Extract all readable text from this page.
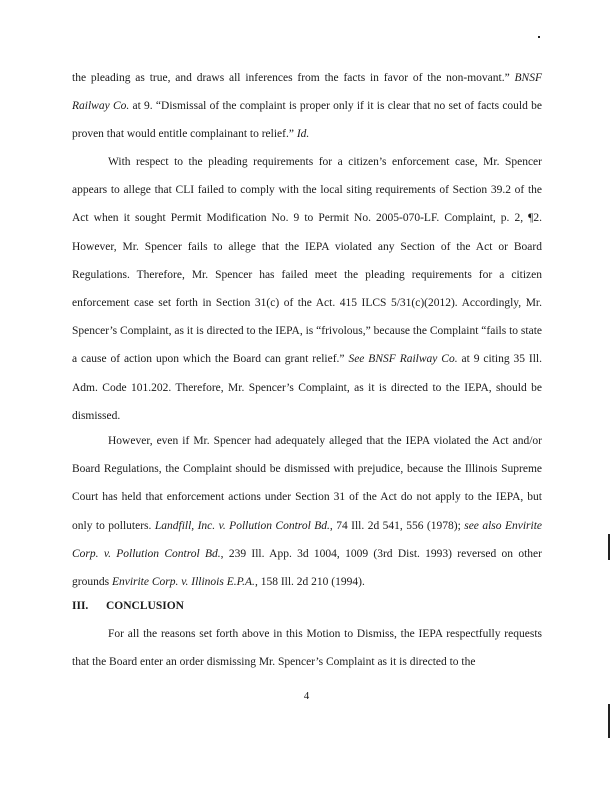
the pleading as true, and draws all inferences from the facts in favor of the non-movant.” BNSF Railway Co. at 9. “Dismissal of the complaint is proper only if it is clear that no set of facts could be proven that would entitle complainant to relief.” Id.

With respect to the pleading requirements for a citizen’s enforcement case, Mr. Spencer appears to allege that CLI failed to comply with the local siting requirements of Section 39.2 of the Act when it sought Permit Modification No. 9 to Permit No. 2005-070-LF. Complaint, p. 2, ¶2. However, Mr. Spencer fails to allege that the IEPA violated any Section of the Act or Board Regulations. Therefore, Mr. Spencer has failed meet the pleading requirements for a citizen enforcement case set forth in Section 31(c) of the Act. 415 ILCS 5/31(c)(2012). Accordingly, Mr. Spencer’s Complaint, as it is directed to the IEPA, is “frivolous,” because the Complaint “fails to state a cause of action upon which the Board can grant relief.” See BNSF Railway Co. at 9 citing 35 Ill. Adm. Code 101.202. Therefore, Mr. Spencer’s Complaint, as it is directed to the IEPA, should be dismissed.

However, even if Mr. Spencer had adequately alleged that the IEPA violated the Act and/or Board Regulations, the Complaint should be dismissed with prejudice, because the Illinois Supreme Court has held that enforcement actions under Section 31 of the Act do not apply to the IEPA, but only to polluters. Landfill, Inc. v. Pollution Control Bd., 74 Ill. 2d 541, 556 (1978); see also Envirite Corp. v. Pollution Control Bd., 239 Ill. App. 3d 1004, 1009 (3rd Dist. 1993) reversed on other grounds Envirite Corp. v. Illinois E.P.A., 158 Ill. 2d 210 (1994).

III. CONCLUSION

For all the reasons set forth above in this Motion to Dismiss, the IEPA respectfully requests that the Board enter an order dismissing Mr. Spencer’s Complaint as it is directed to the

4
